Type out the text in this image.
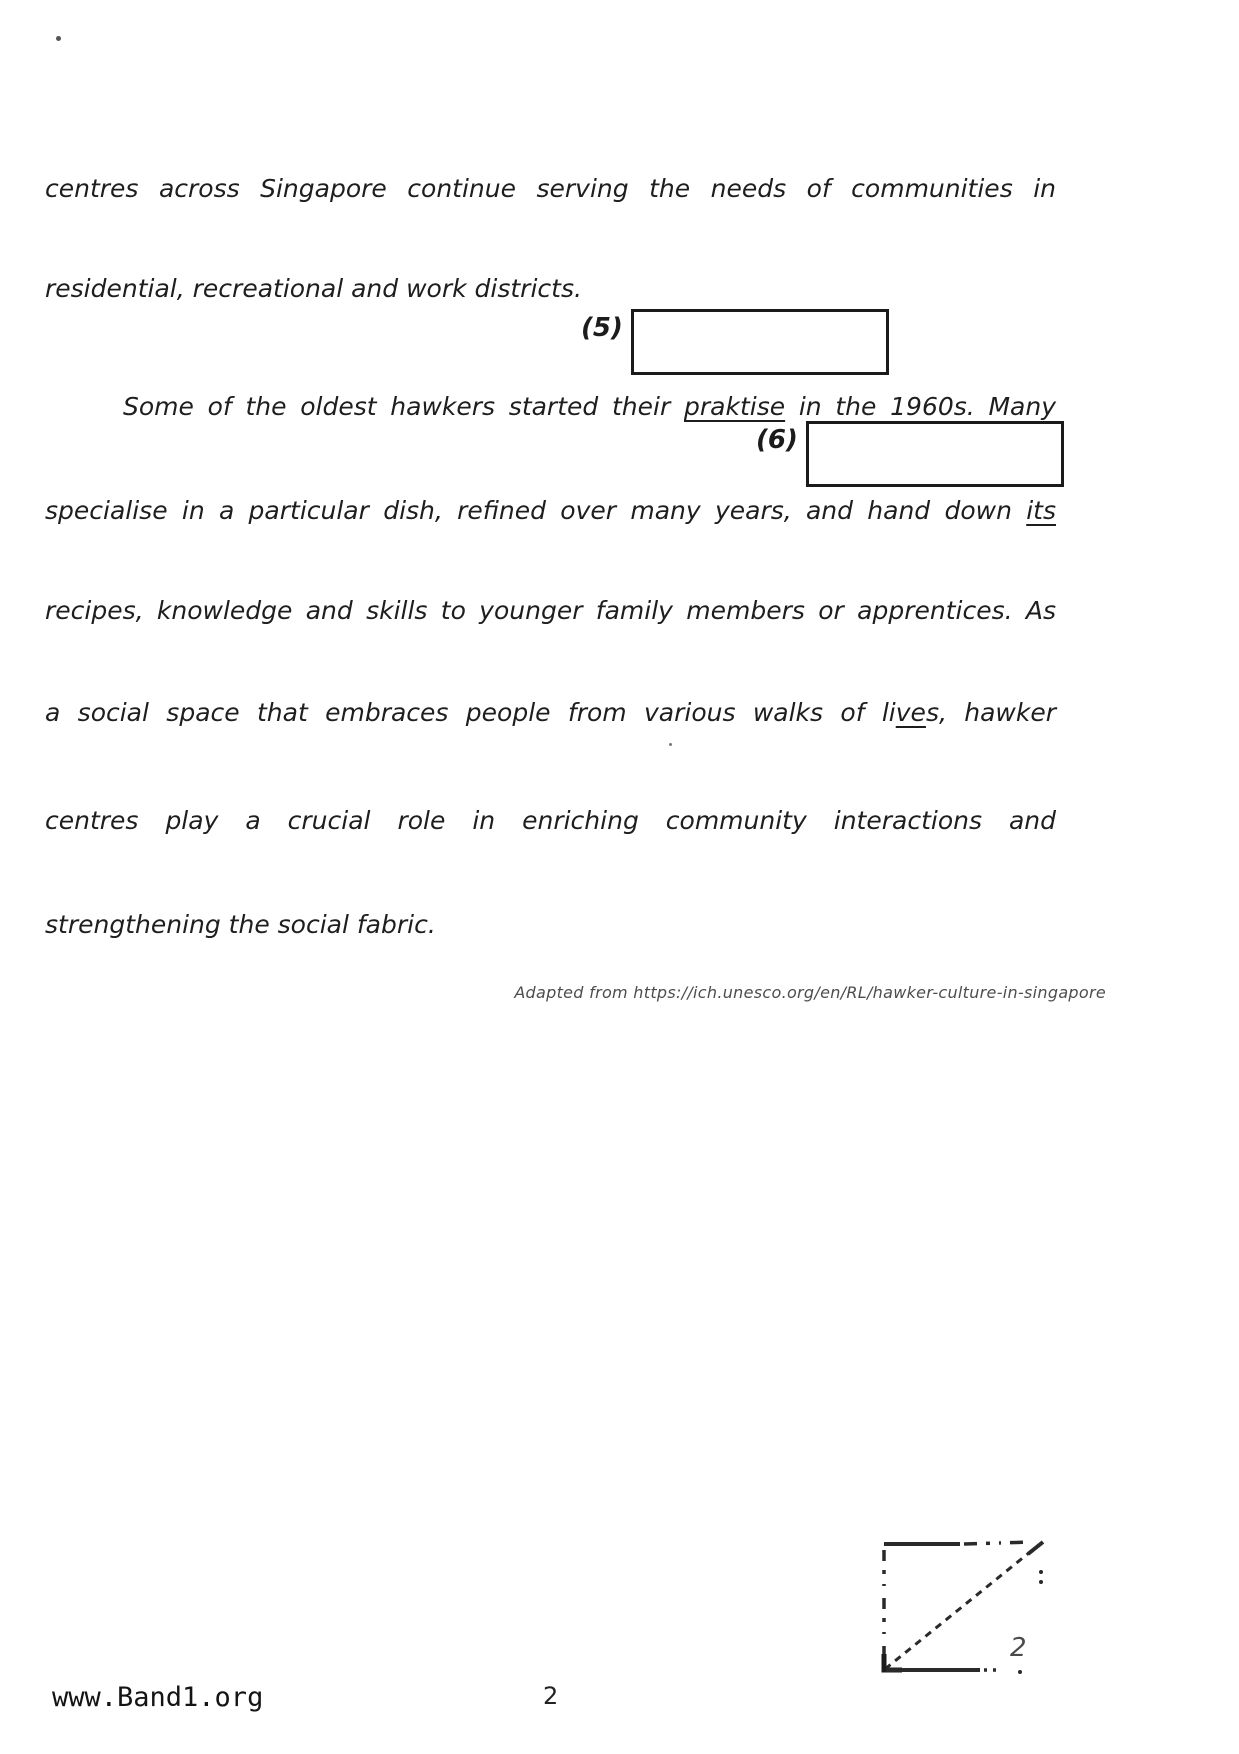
centres across Singapore continue serving the needs of communities in
residential, recreational and work districts.
(5)
Some of the oldest hawkers started their praktise in the 1960s. Many
(6)
specialise in a particular dish, refined over many years, and hand down its
recipes, knowledge and skills to younger family members or apprentices. As
a social space that embraces people from various walks of lives, hawker
centres play a crucial role in enriching community interactions and
strengthening the social fabric.
Adapted from https://ich.unesco.org/en/RL/hawker-culture-in-singapore
2
www.Band1.org	2
